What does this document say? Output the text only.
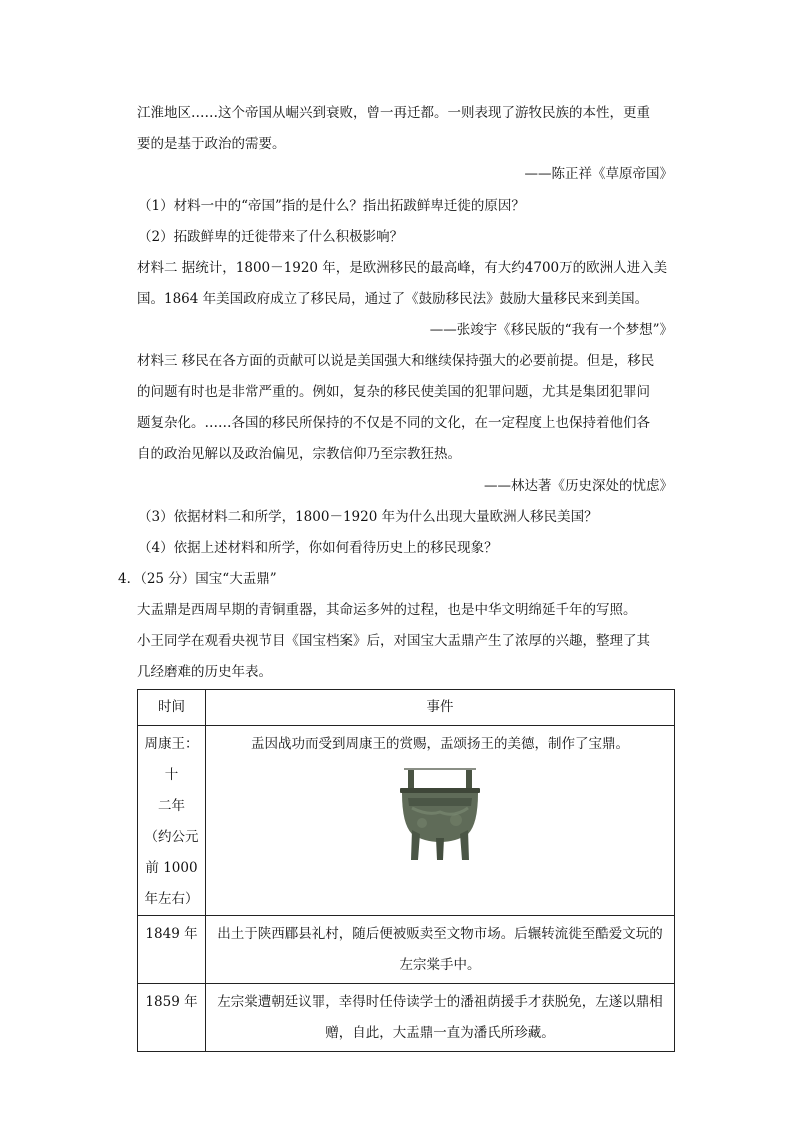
江淮地区……这个帝国从崛兴到衰败，曾一再迁都。一则表现了游牧民族的本性，更重
要的是基于政治的需要。
——陈正祥《草原帝国》
（1）材料一中的“帝国”指的是什么？指出拓跋鲜卑迁徙的原因？
（2）拓跋鲜卑的迁徙带来了什么积极影响？
材料二 据统计，1800－1920 年，是欧洲移民的最高峰，有大约4700万的欧洲人进入美
国。1864 年美国政府成立了移民局，通过了《鼓励移民法》鼓励大量移民来到美国。
——张竣宇《移民版的“我有一个梦想”》
材料三 移民在各方面的贡献可以说是美国强大和继续保持强大的必要前提。但是，移民
的问题有时也是非常严重的。例如，复杂的移民使美国的犯罪问题，尤其是集团犯罪问
题复杂化。……各国的移民所保持的不仅是不同的文化，在一定程度上也保持着他们各
自的政治见解以及政治偏见，宗教信仰乃至宗教狂热。
——林达著《历史深处的忧虑》
（3）依据材料二和所学，1800－1920 年为什么出现大量欧洲人移民美国？
（4）依据上述材料和所学，你如何看待历史上的移民现象？
4．（25 分）国宝“大盂鼎”
大盂鼎是西周早期的青铜重器，其命运多舛的过程，也是中华文明绵延千年的写照。
小王同学在观看央视节目《国宝档案》后，对国宝大盂鼎产生了浓厚的兴趣，整理了其
几经磨难的历史年表。
时间	事件

周康王：十
二年
（约公元
前 1000
年左右）	盂因战功而受到周康王的赏赐，盂颂扬王的美德，制作了宝鼎。

1849 年	出土于陕西郿县礼村，随后便被贩卖至文物市场。后辗转流徙至酷爱文玩的
左宗棠手中。

1859 年	左宗棠遭朝廷议罪，幸得时任侍读学士的潘祖荫援手才获脱免，左遂以鼎相
赠，自此，大盂鼎一直为潘氏所珍藏。
